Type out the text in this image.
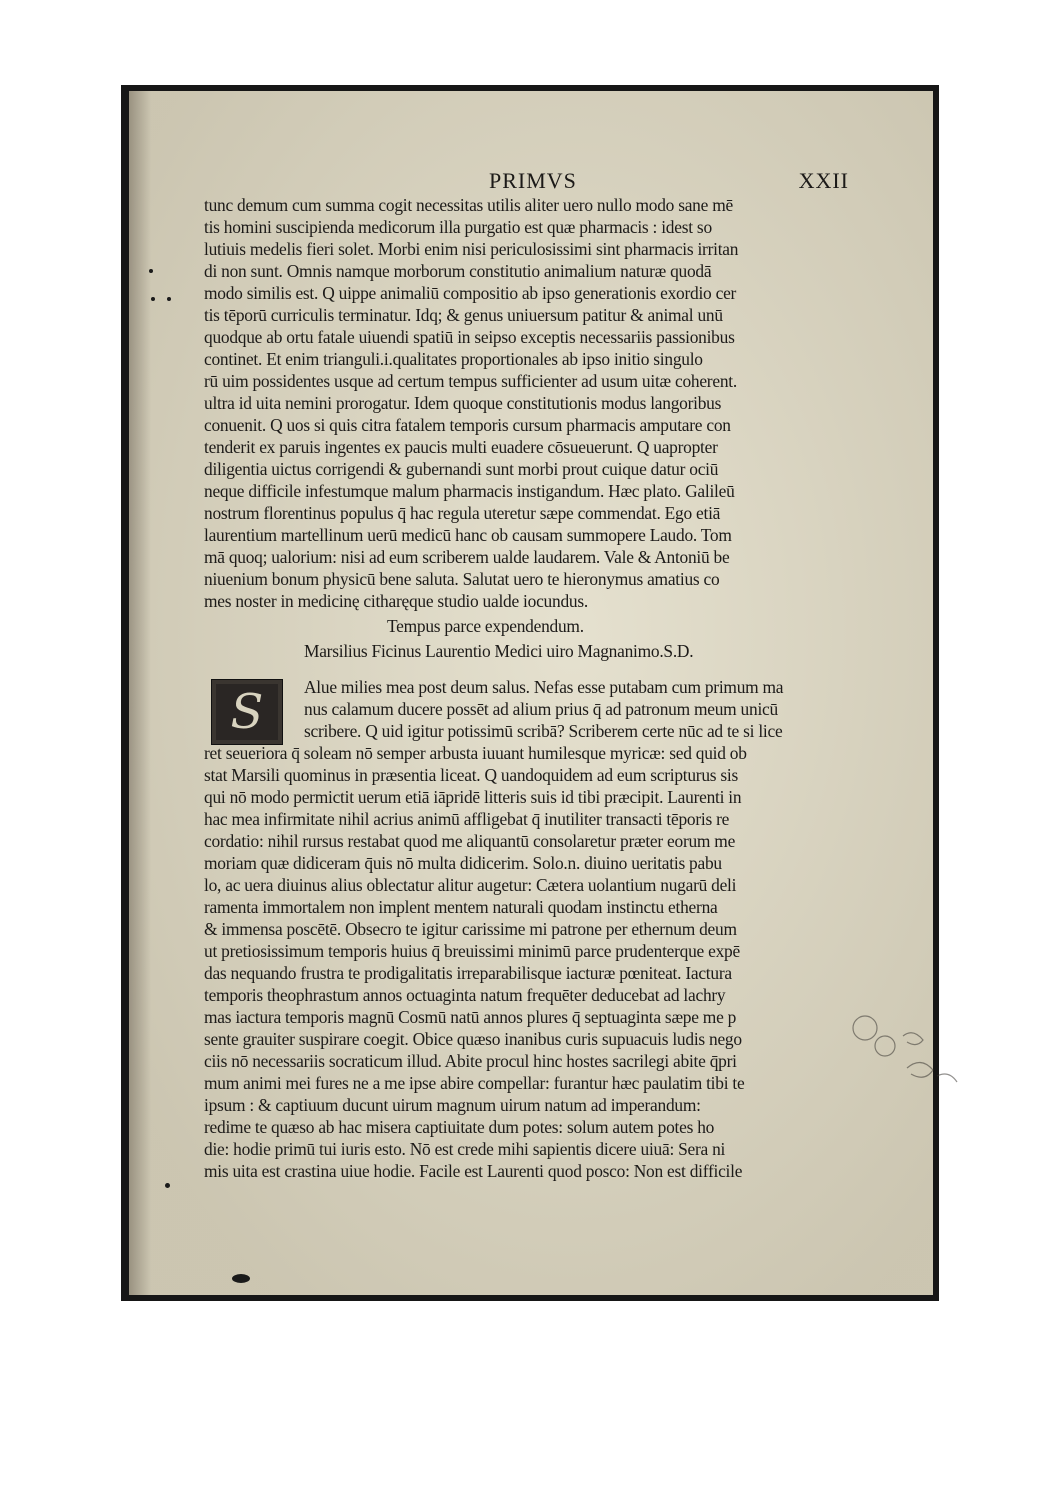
PRIMVS	XXII
tunc demum cum summa cogit necessitas utilis aliter uero nullo modo sane mē
tis homini suscipienda medicorum illa purgatio est quæ pharmacis : idest so
lutiuis medelis fieri solet. Morbi enim nisi periculosissimi sint pharmacis irritan
di non sunt. Omnis namque morborum constitutio animalium naturæ quodā
modo similis est. Q uippe animaliū compositio ab ipso generationis exordio cer
tis tēporū curriculis terminatur. Idq; & genus uniuersum patitur & animal unū
quodque ab ortu fatale uiuendi spatiū in seipso exceptis necessariis passionibus
continet. Et enim trianguli.i.qualitates proportionales ab ipso initio singulo
rū uim possidentes usque ad certum tempus sufficienter ad usum uitæ coherent.
ultra id uita nemini prorogatur. Idem quoque constitutionis modus langoribus
conuenit. Q uos si quis citra fatalem temporis cursum pharmacis amputare con
tenderit ex paruis ingentes ex paucis multi euadere cōsueuerunt. Q uapropter
diligentia uictus corrigendi & gubernandi sunt morbi prout cuique datur ociū
neque difficile infestumque malum pharmacis instigandum. Hæc plato. Galileū
nostrum florentinus populus q̄ hac regula uteretur sæpe commendat. Ego etiā
laurentium martellinum uerū medicū hanc ob causam summopere Laudo. Tom
mā quoq; ualorium: nisi ad eum scriberem ualde laudarem. Vale & Antoniū be
niuenium bonum physicū bene saluta. Salutat uero te hieronymus amatius co
mes noster in medicinę citharęque studio ualde iocundus.
Tempus parce expendendum.
Marsilius Ficinus Laurentio Medici uiro Magnanimo.S.D.
S	Alue milies mea post deum salus. Nefas esse putabam cum primum ma
nus calamum ducere possēt ad alium prius q̄ ad patronum meum unicū
scribere. Q uid igitur potissimū scribā? Scriberem certe nūc ad te si lice
ret seueriora q̄ soleam nō semper arbusta iuuant humilesque myricæ: sed quid ob
stat Marsili quominus in præsentia liceat. Q uandoquidem ad eum scripturus sis
qui nō modo permictit uerum etiā iāpridē litteris suis id tibi præcipit. Laurenti in
hac mea infirmitate nihil acrius animū affligebat q̄ inutiliter transacti tēporis re
cordatio: nihil rursus restabat quod me aliquantū consolaretur præter eorum me
moriam quæ didiceram q̄uis nō multa didicerim. Solo.n. diuino ueritatis pabu
lo, ac uera diuinus alius oblectatur alitur augetur: Cætera uolantium nugarū deli
ramenta immortalem non implent mentem naturali quodam instinctu etherna
& immensa poscētē. Obsecro te igitur carissime mi patrone per ethernum deum
ut pretiosissimum temporis huius q̄ breuissimi minimū parce prudenterque expē
das nequando frustra te prodigalitatis irreparabilisque iacturæ pœniteat. Iactura
temporis theophrastum annos octuaginta natum frequēter deducebat ad lachry
mas iactura temporis magnū Cosmū natū annos plures q̄ septuaginta sæpe me p
sente grauiter suspirare coegit. Obice quæso inanibus curis supuacuis ludis nego
ciis nō necessariis socraticum illud. Abite procul hinc hostes sacrilegi abite q̄pri
mum animi mei fures ne a me ipse abire compellar: furantur hæc paulatim tibi te
ipsum : & captiuum ducunt uirum magnum uirum natum ad imperandum:
redime te quæso ab hac misera captiuitate dum potes: solum autem potes ho
die: hodie primū tui iuris esto. Nō est crede mihi sapientis dicere uiuā: Sera ni
mis uita est crastina uiue hodie. Facile est Laurenti quod posco: Non est difficile
